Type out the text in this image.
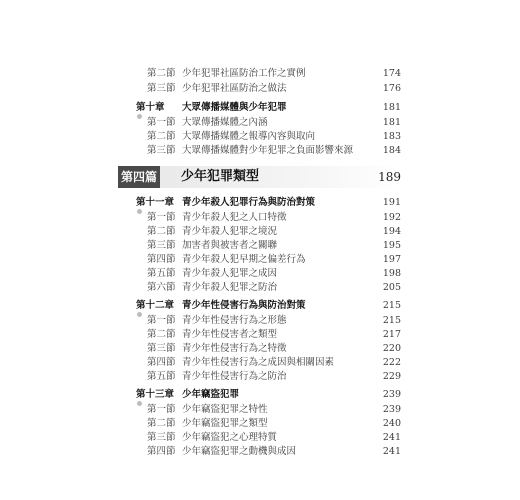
第二節 少年犯罪社區防治工作之實例	174
第三節 少年犯罪社區防治之做法	176
第十章 大眾傳播媒體與少年犯罪	181
第一節 大眾傳播媒體之內涵	181
第二節 大眾傳播媒體之報導內容與取向	183
第三節 大眾傳播媒體對少年犯罪之負面影響來源	184
第四篇 少年犯罪類型	189
第十一章 青少年殺人犯罪行為與防治對策	191
第一節 青少年殺人犯之人口特徵	192
第二節 青少年殺人犯罪之境況	194
第三節 加害者與被害者之關聯	195
第四節 青少年殺人犯早期之偏差行為	197
第五節 青少年殺人犯罪之成因	198
第六節 青少年殺人犯罪之防治	205
第十二章 青少年性侵害行為與防治對策	215
第一節 青少年性侵害行為之形態	215
第二節 青少年性侵害者之類型	217
第三節 青少年性侵害行為之特徵	220
第四節 青少年性侵害行為之成因與相關因素	222
第五節 青少年性侵害行為之防治	229
第十三章 少年竊盜犯罪	239
第一節 少年竊盜犯罪之特性	239
第二節 少年竊盜犯罪之類型	240
第三節 少年竊盜犯之心理特質	241
第四節 少年竊盜犯罪之動機與成因	241
